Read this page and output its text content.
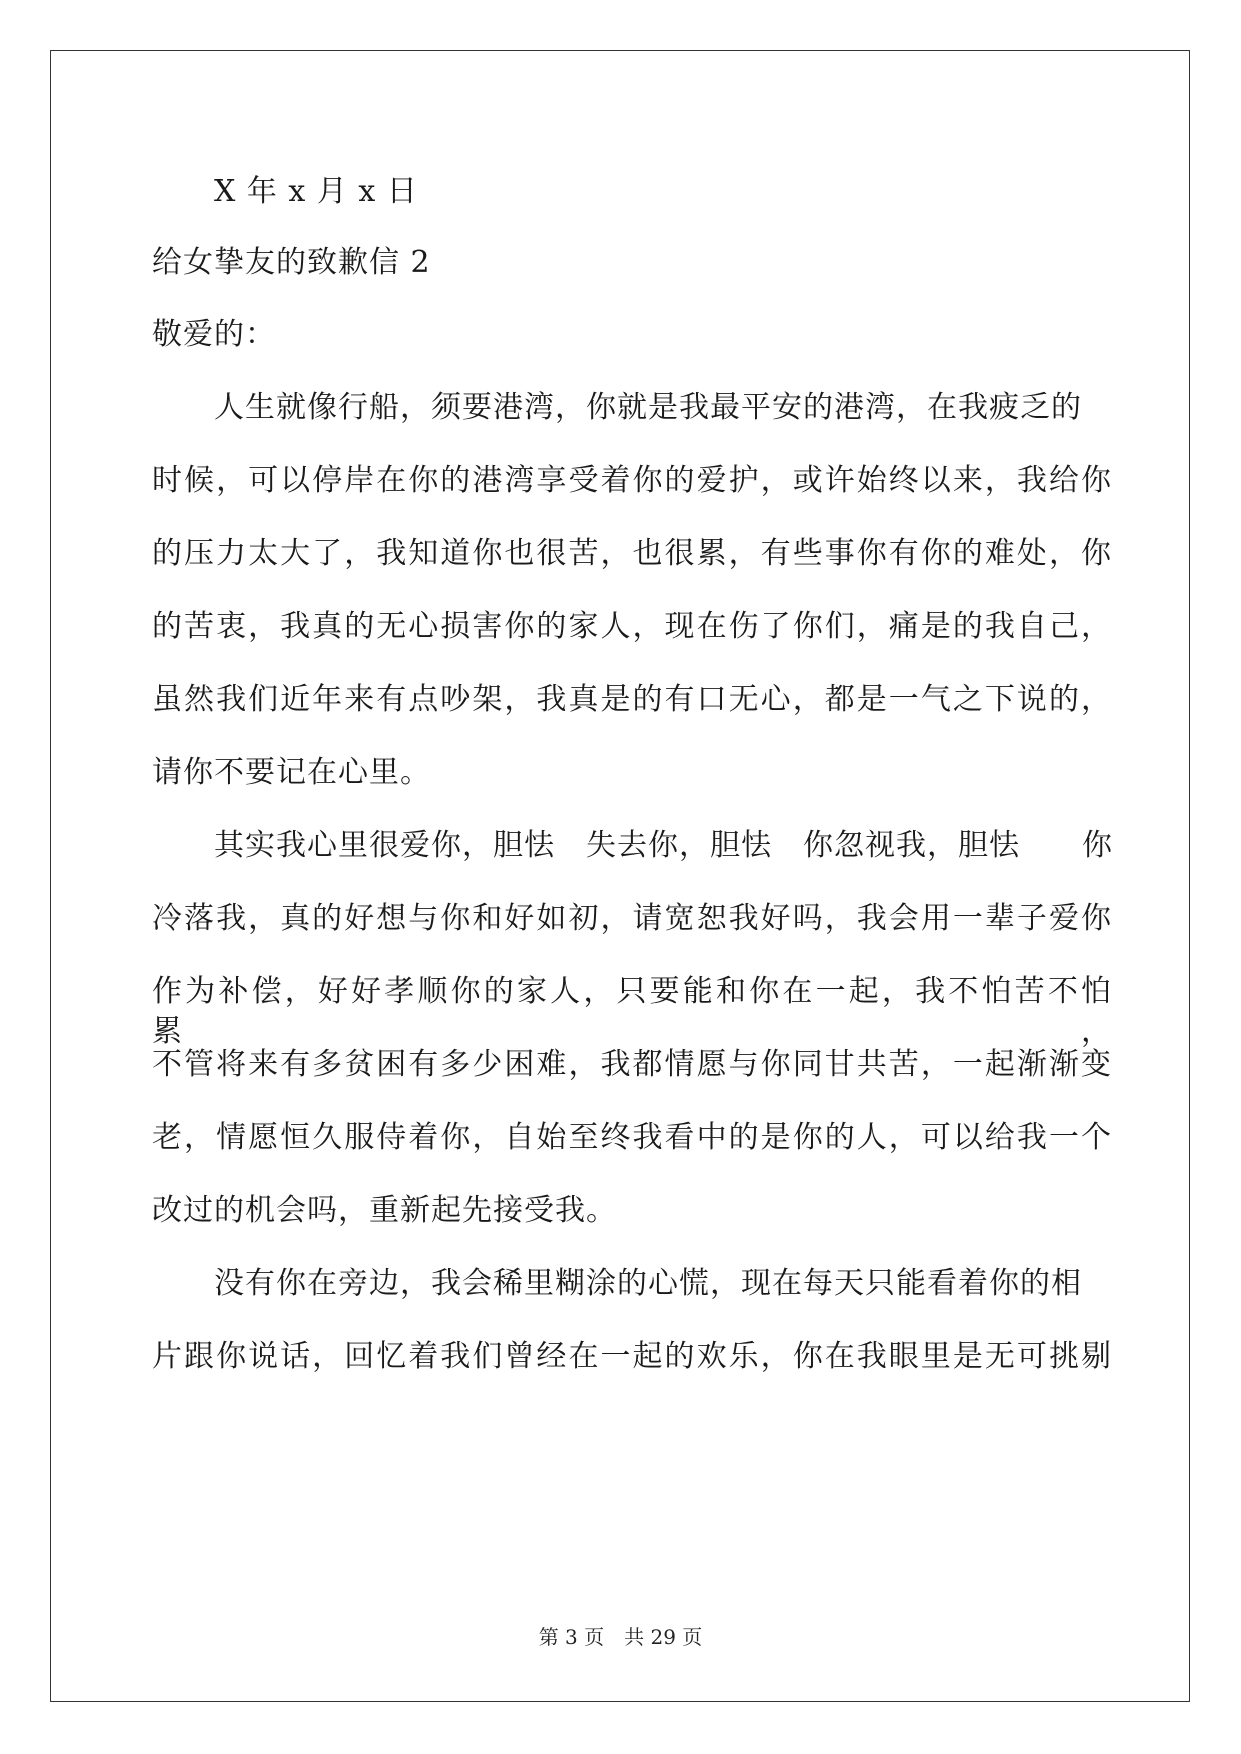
X 年 x 月 x 日
给女挚友的致歉信 2
敬爱的：
人生就像行船，须要港湾，你就是我最平安的港湾，在我疲乏的
时候，可以停岸在你的港湾享受着你的爱护，或许始终以来，我给你
的压力太大了，我知道你也很苦，也很累，有些事你有你的难处，你
的苦衷，我真的无心损害你的家人，现在伤了你们，痛是的我自己，
虽然我们近年来有点吵架，我真是的有口无心，都是一气之下说的，
请你不要记在心里。
其实我心里很爱你，胆怯　失去你，胆怯　你忽视我，胆怯　　你
冷落我，真的好想与你和好如初，请宽恕我好吗，我会用一辈子爱你
作为补偿，好好孝顺你的家人，只要能和你在一起，我不怕苦不怕累，
不管将来有多贫困有多少困难，我都情愿与你同甘共苦，一起渐渐变
老，情愿恒久服侍着你，自始至终我看中的是你的人，可以给我一个
改过的机会吗，重新起先接受我。
没有你在旁边，我会稀里糊涂的心慌，现在每天只能看着你的相
片跟你说话，回忆着我们曾经在一起的欢乐，你在我眼里是无可挑剔
第 3 页　共 29 页
